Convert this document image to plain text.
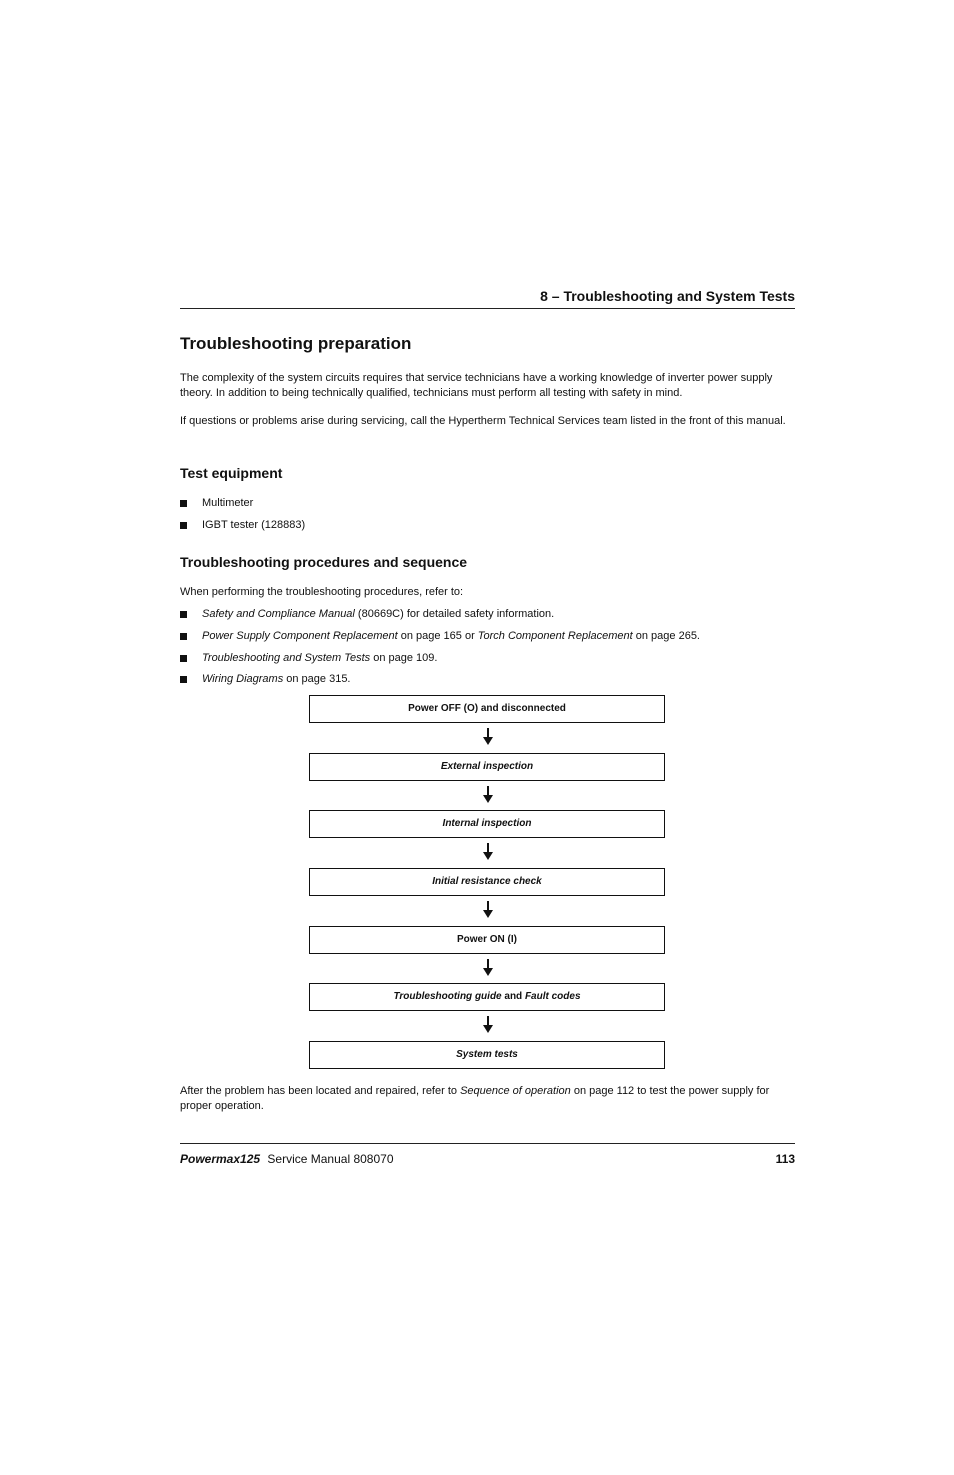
8 – Troubleshooting and System Tests
Troubleshooting preparation

The complexity of the system circuits requires that service technicians have a working knowledge of inverter power supply theory. In addition to being technically qualified, technicians must perform all testing with safety in mind.

If questions or problems arise during servicing, call the Hypertherm Technical Services team listed in the front of this manual.

Test equipment
Multimeter
IGBT tester (128883)
Troubleshooting procedures and sequence

When performing the troubleshooting procedures, refer to:

Safety and Compliance Manual (80669C) for detailed safety information.
Power Supply Component Replacement on page 165 or Torch Component Replacement on page 265.
Troubleshooting and System Tests on page 109.
Wiring Diagrams on page 315.
Power OFF (O) and disconnected
External inspection
Internal inspection
Initial resistance check
Power ON (I)
Troubleshooting guide and Fault codes
System tests

After the problem has been located and repaired, refer to Sequence of operation on page 112 to test the power supply for proper operation.

Powermax125 Service Manual 808070	113
